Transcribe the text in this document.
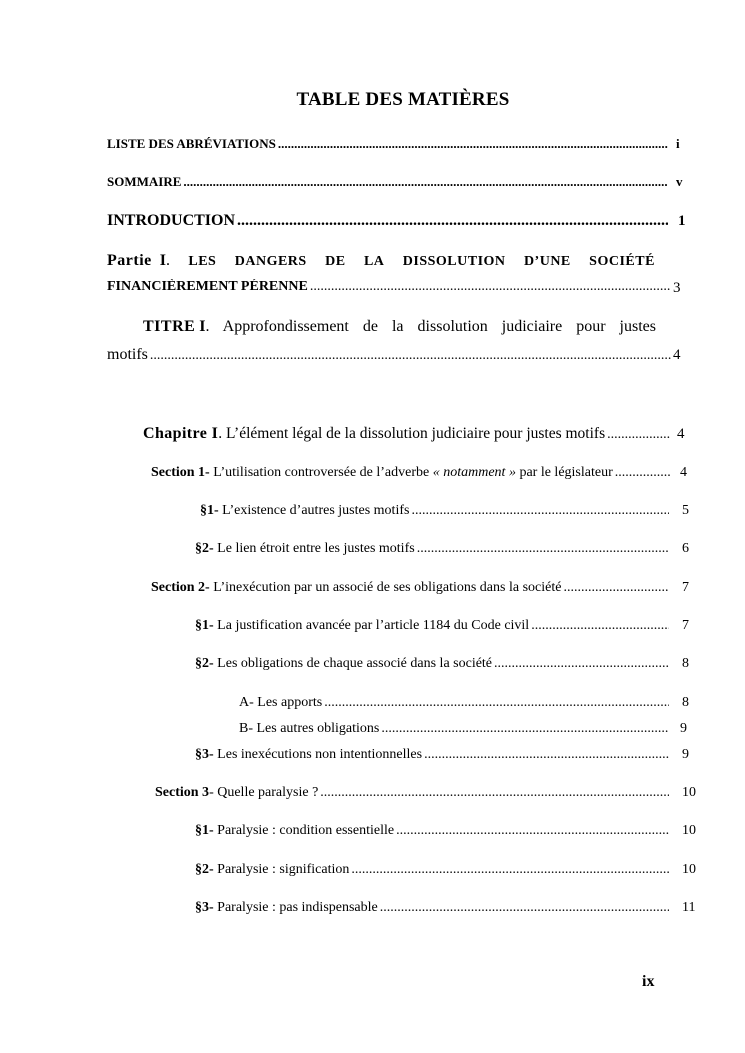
TABLE DES MATIÈRES
LISTE DES ABRÉVIATIONS .....	i
SOMMAIRE .....	v
INTRODUCTION .....	1
Partie I. LES DANGERS DE LA DISSOLUTION D’UNE SOCIÉTÉ
FINANCIÈREMENT PÉRENNE .....	3
TITRE
I . Approfondissement de la dissolution judiciaire pour justes
motifs .....	4
Chapitre I. L’élément légal de la dissolution judiciaire pour justes motifs .....	4
Section 1- L’utilisation controversée de l’adverbe « notamment » par le législateur .....	4
§1- L’existence d’autres justes motifs .....	5
§2- Le lien étroit entre les justes motifs .....	6
Section 2- L’inexécution par un associé de ses obligations dans la société .....	7
§1- La justification avancée par l’article 1184 du Code civil .....	7
§2- Les obligations de chaque associé dans la société .....	8
A- Les apports .....	8
B- Les autres obligations .....	9
§3- Les inexécutions non intentionnelles .....	9
Section 3- Quelle paralysie ? .....	10
§1- Paralysie : condition essentielle .....	10
§2- Paralysie : signification .....	10
§3- Paralysie : pas indispensable .....	11
ix
